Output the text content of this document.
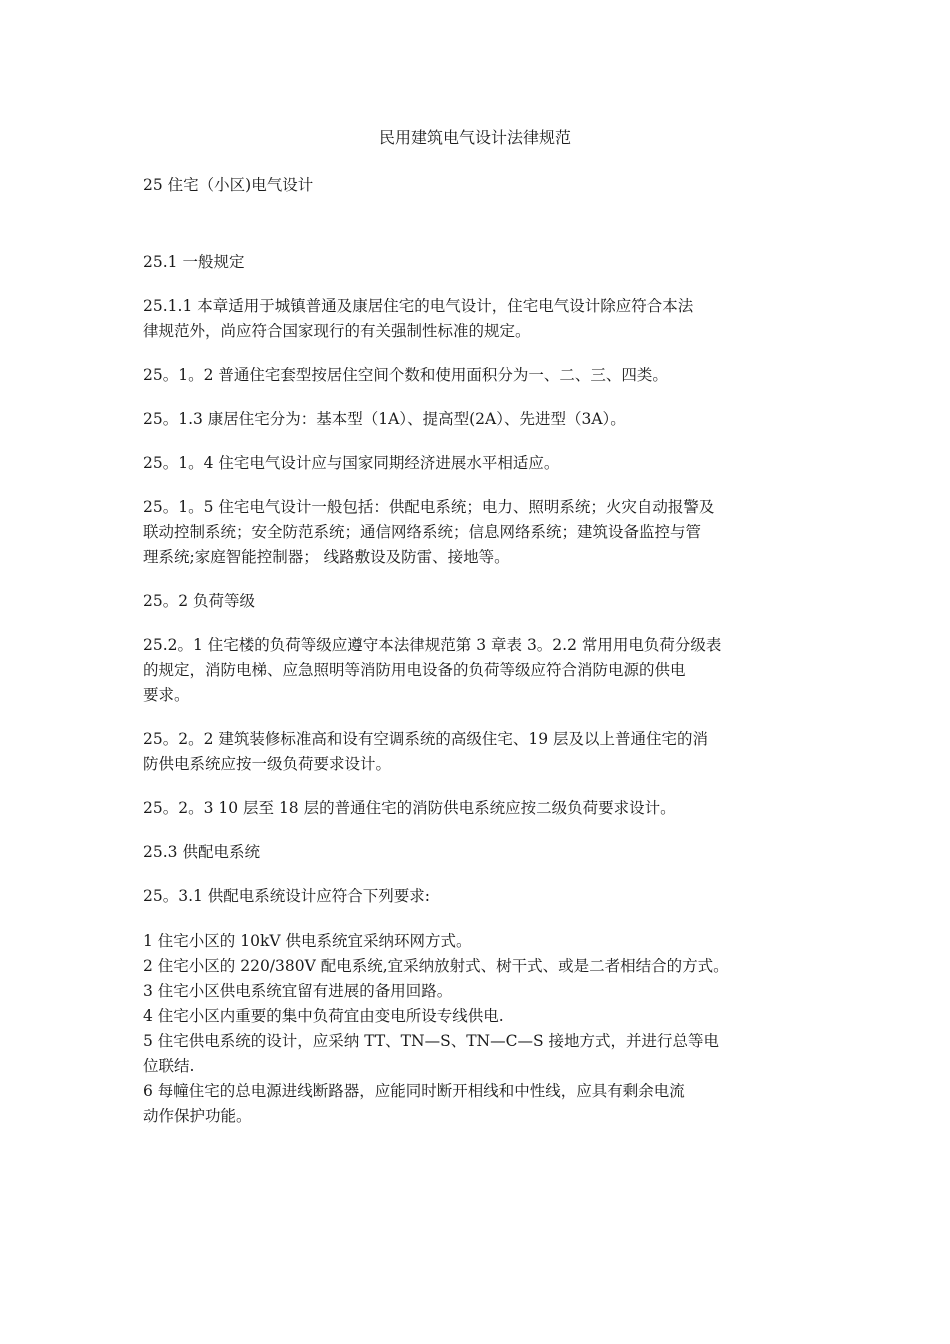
民用建筑电气设计法律规范

25 住宅（小区)电气设计

25.1 一般规定

25.1.1 本章适用于城镇普通及康居住宅的电气设计，住宅电气设计除应符合本法
律规范外，尚应符合国家现行的有关强制性标准的规定。

25。1。2 普通住宅套型按居住空间个数和使用面积分为一、二、三、四类。

25。1.3 康居住宅分为：基本型（1A）、提高型(2A）、先进型（3A）。

25。1。4 住宅电气设计应与国家同期经济进展水平相适应。

25。1。5 住宅电气设计一般包括：供配电系统；电力、照明系统；火灾自动报警及
联动控制系统；安全防范系统；通信网络系统；信息网络系统；建筑设备监控与管
理系统;家庭智能控制器； 线路敷设及防雷、接地等。

25。2 负荷等级

25.2。1 住宅楼的负荷等级应遵守本法律规范第 3 章表 3。2.2 常用用电负荷分级表
的规定，消防电梯、应急照明等消防用电设备的负荷等级应符合消防电源的供电
要求。

25。2。2 建筑装修标准高和设有空调系统的高级住宅、19 层及以上普通住宅的消
防供电系统应按一级负荷要求设计。

25。2。3 10 层至 18 层的普通住宅的消防供电系统应按二级负荷要求设计。

25.3 供配电系统

25。3.1 供配电系统设计应符合下列要求:

1 住宅小区的 10kV 供电系统宜采纳环网方式。
2 住宅小区的 220/380V 配电系统,宜采纳放射式、树干式、或是二者相结合的方式。
3 住宅小区供电系统宜留有进展的备用回路。
4 住宅小区内重要的集中负荷宜由变电所设专线供电.
5 住宅供电系统的设计，应采纳 TT、TN—S、TN—C—S 接地方式，并进行总等电
位联结.
6 每幢住宅的总电源进线断路器，应能同时断开相线和中性线，应具有剩余电流
动作保护功能。
